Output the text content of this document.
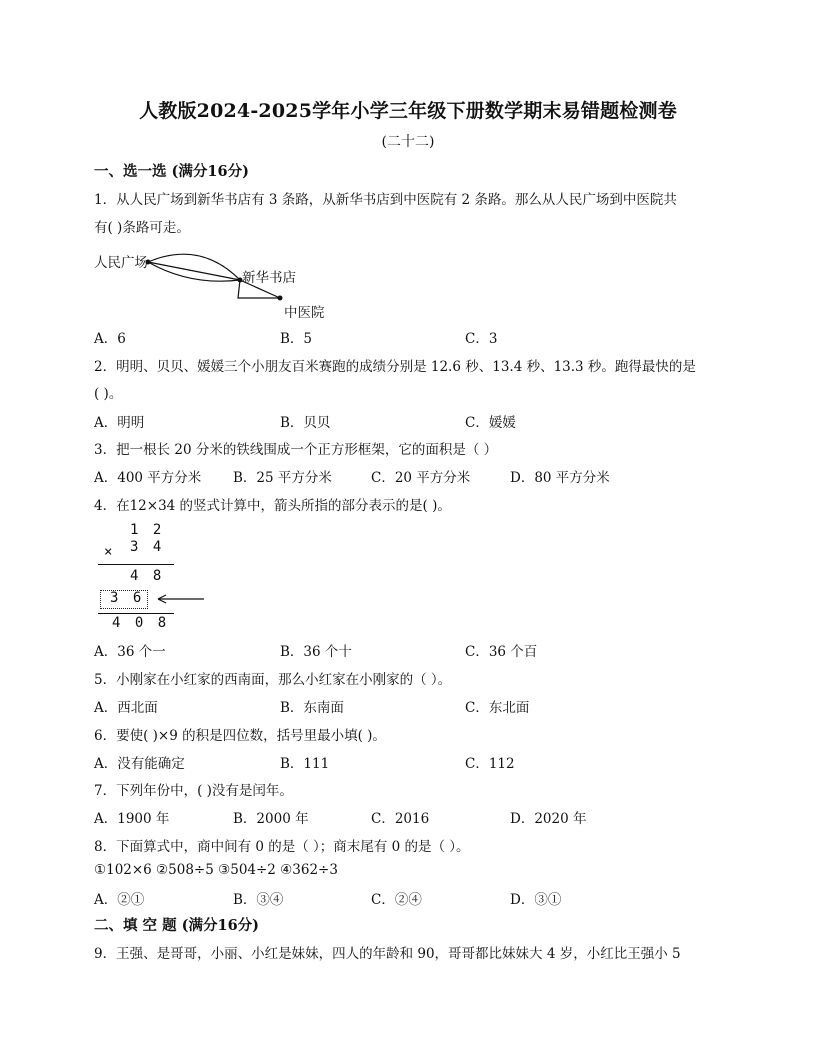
人教版2024-2025学年小学三年级下册数学期末易错题检测卷
(二十二)
一、选一选 (满分16分)
1．从人民广场到新华书店有 3 条路，从新华书店到中医院有 2 条路。那么从人民广场到中医院共
有( )条路可走。
人民广场
新华书店
中医院
A．6	B．5	C．3
2．明明、贝贝、媛媛三个小朋友百米赛跑的成绩分别是 12.6 秒、13.4 秒、13.3 秒。跑得最快的是
( )。
A．明明	B．贝贝	C．媛媛
3．把一根长 20 分米的铁线围成一个正方形框架，它的面积是（ ）
A．400 平方分米 B．25 平方分米	C．20 平方分米	D．80 平方分米
4．在12×34 的竖式计算中，箭头所指的部分表示的是( )。
1 2
× 3 4
4 8
3 6
4 0 8
A．36 个一	B．36 个十	C．36 个百
5．小刚家在小红家的西南面，那么小红家在小刚家的（ ）。
A．西北面	B．东南面	C．东北面
6．要使( )×9 的积是四位数，括号里最小填( )。
A．没有能确定	B．111	C．112
7．下列年份中，( )没有是闰年。
A．1900 年	B．2000 年	C．2016	D．2020 年
8．下面算式中，商中间有 0 的是（ ）；商末尾有 0 的是（ ）。
①102×6 ②508÷5 ③504÷2 ④362÷3
A．②①	B．③④	C．②④	D．③①
二、填 空 题 (满分16分)
9．王强、是哥哥，小丽、小红是妹妹，四人的年龄和 90，哥哥都比妹妹大 4 岁，小红比王强小 5
